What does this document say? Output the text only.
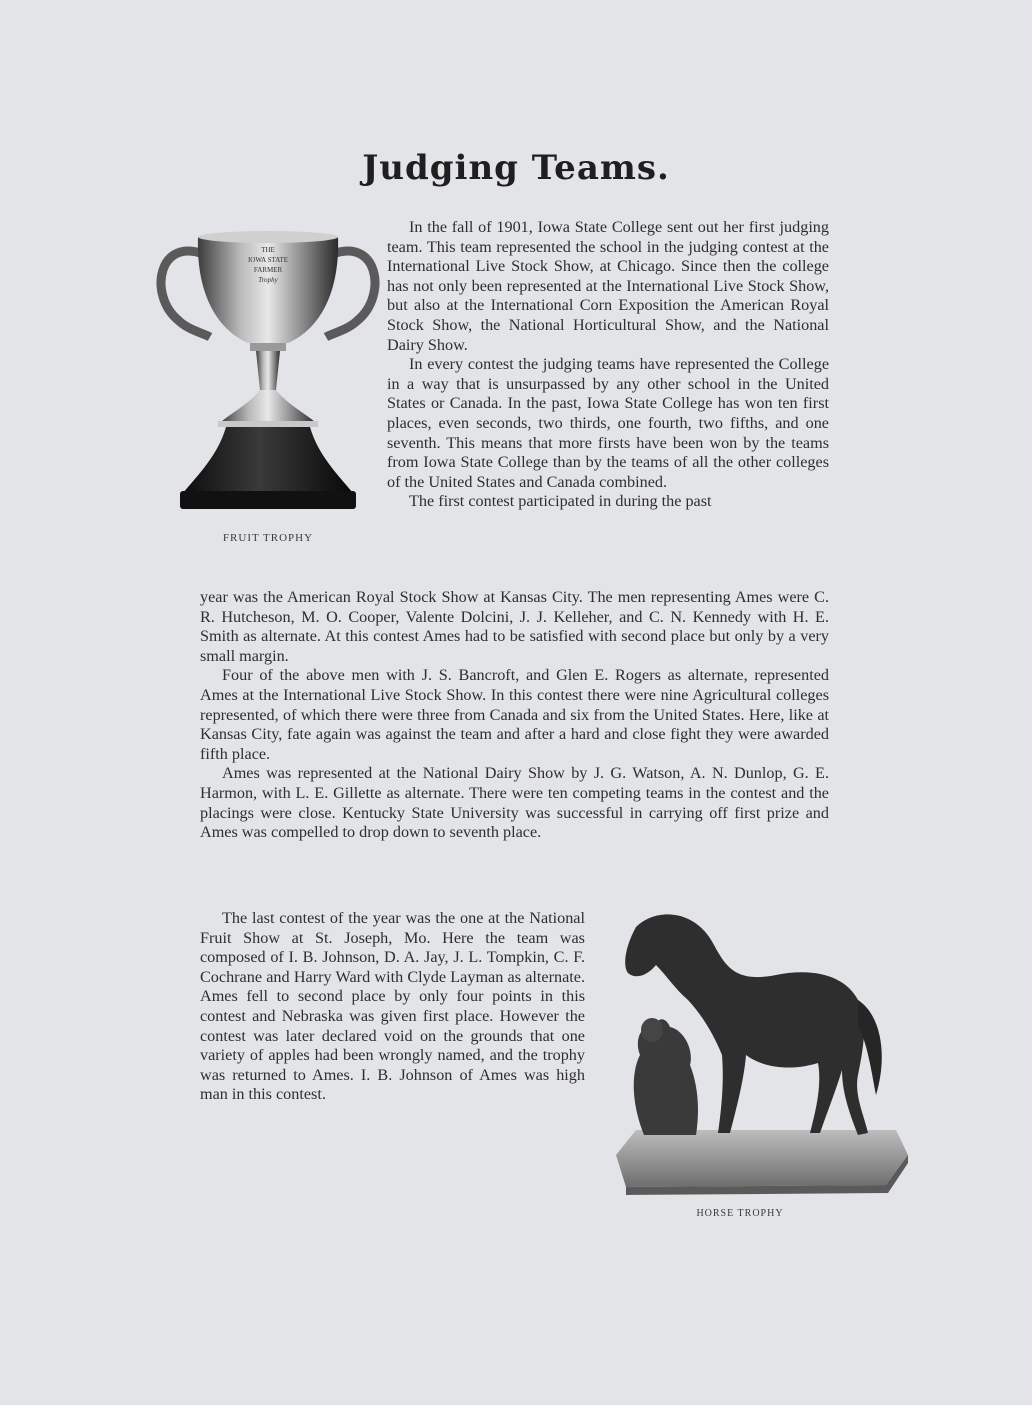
Judging Teams.
THE
IOWA STATE
FARMER
Trophy
FRUIT TROPHY

In the fall of 1901, Iowa State College sent out her first judging team. This team represented the school in the judging contest at the International Live Stock Show, at Chicago. Since then the college has not only been represented at the International Live Stock Show, but also at the International Corn Exposition the American Royal Stock Show, the National Horticultural Show, and the National Dairy Show.

In every contest the judging teams have represented the College in a way that is unsurpassed by any other school in the United States or Canada. In the past, Iowa State College has won ten first places, even seconds, two thirds, one fourth, two fifths, and one seventh. This means that more firsts have been won by the teams from Iowa State College than by the teams of all the other colleges of the United States and Canada combined.

The first contest participated in during the past

year was the American Royal Stock Show at Kansas City. The men representing Ames were C. R. Hutcheson, M. O. Cooper, Valente Dolcini, J. J. Kelleher, and C. N. Kennedy with H. E. Smith as alternate. At this contest Ames had to be satisfied with second place but only by a very small margin.

Four of the above men with J. S. Bancroft, and Glen E. Rogers as alternate, represented Ames at the International Live Stock Show. In this contest there were nine Agricultural colleges represented, of which there were three from Canada and six from the United States. Here, like at Kansas City, fate again was against the team and after a hard and close fight they were awarded fifth place.

Ames was represented at the National Dairy Show by J. G. Watson, A. N. Dunlop, G. E. Harmon, with L. E. Gillette as alternate. There were ten competing teams in the contest and the placings were close. Kentucky State University was successful in carrying off first prize and Ames was compelled to drop down to seventh place.

The last contest of the year was the one at the National Fruit Show at St. Joseph, Mo. Here the team was composed of I. B. Johnson, D. A. Jay, J. L. Tompkin, C. F. Cochrane and Harry Ward with Clyde Layman as alternate. Ames fell to second place by only four points in this contest and Nebraska was given first place. However the contest was later declared void on the grounds that one variety of apples had been wrongly named, and the trophy was returned to Ames. I. B. Johnson of Ames was high man in this contest.

HORSE TROPHY
